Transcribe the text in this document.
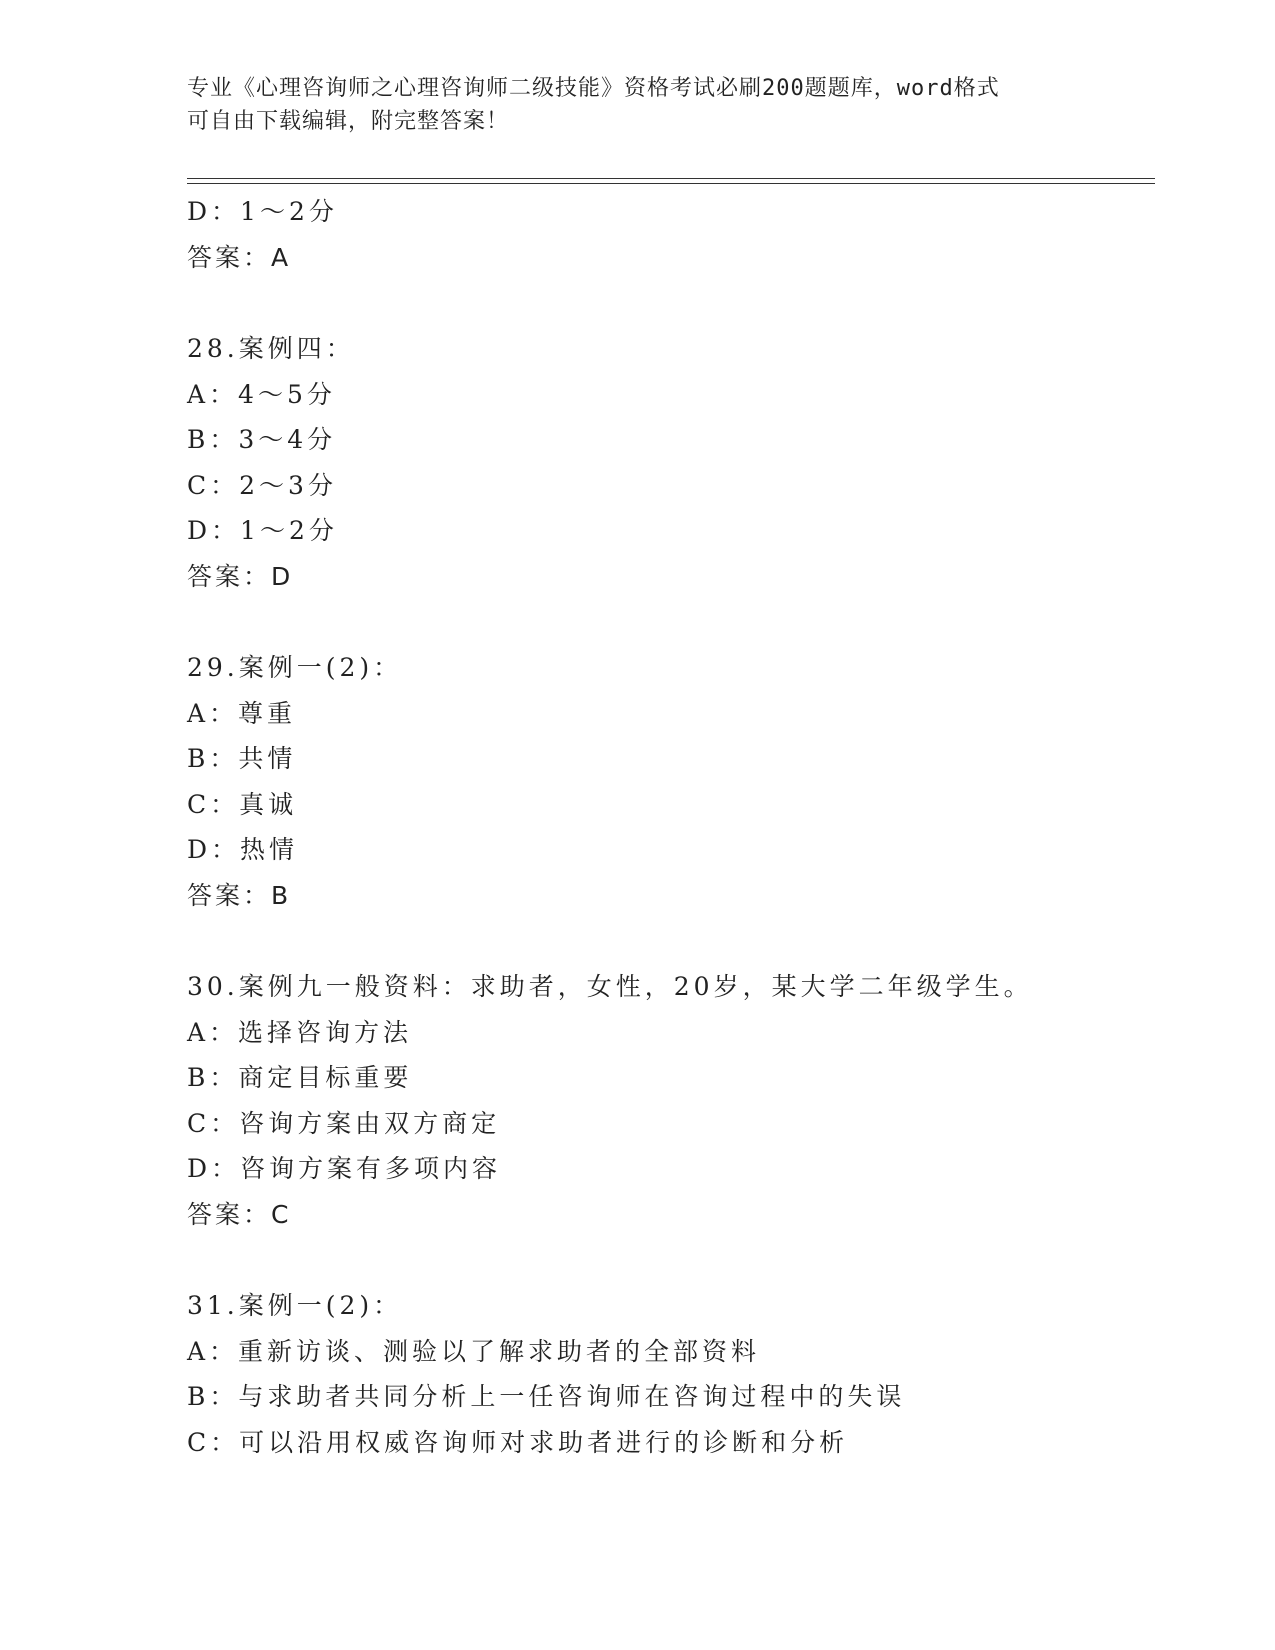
专业《心理咨询师之心理咨询师二级技能》资格考试必刷200题题库，word格式
可自由下载编辑，附完整答案！
D：1～2分
答案：A
28.案例四：
A：4～5分
B：3～4分
C：2～3分
D：1～2分
答案：D
29.案例一(2)：
A：尊重
B：共情
C：真诚
D：热情
答案：B
30.案例九一般资料：求助者，女性，20岁，某大学二年级学生。
A：选择咨询方法
B：商定目标重要
C：咨询方案由双方商定
D：咨询方案有多项内容
答案：C
31.案例一(2)：
A：重新访谈、测验以了解求助者的全部资料
B：与求助者共同分析上一任咨询师在咨询过程中的失误
C：可以沿用权威咨询师对求助者进行的诊断和分析
